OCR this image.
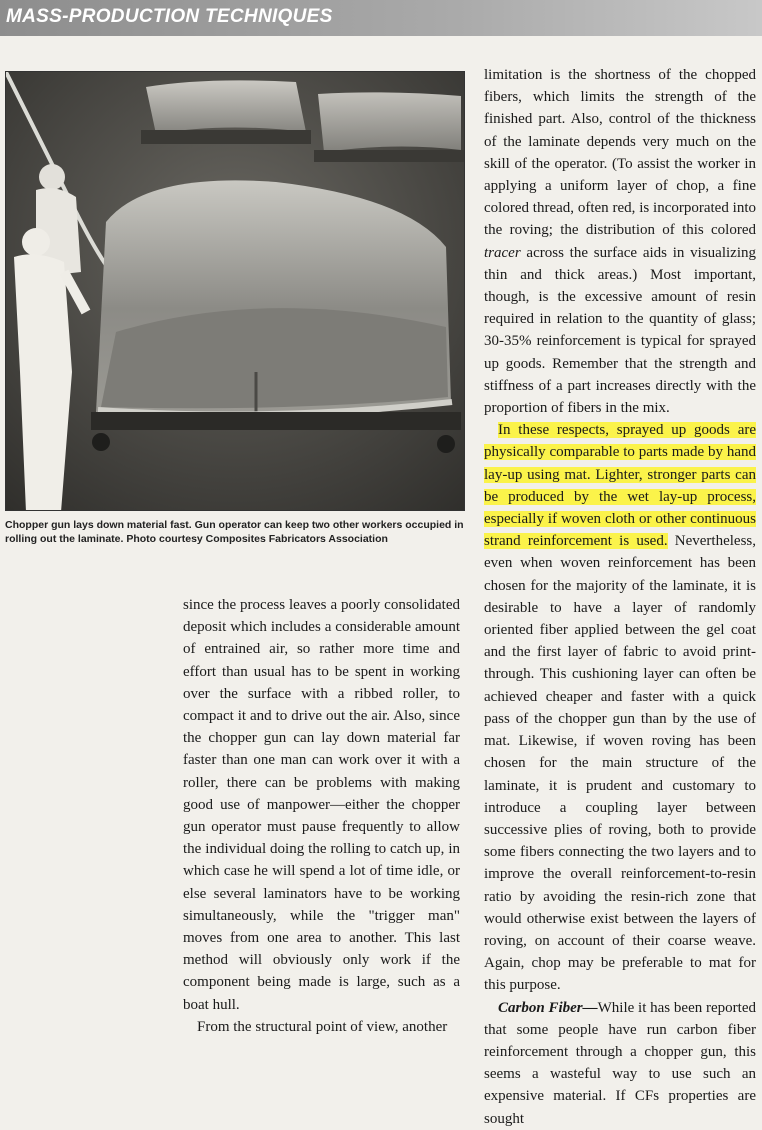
MASS-PRODUCTION TECHNIQUES
Chopper gun lays down material fast. Gun operator can keep two other workers occupied in rolling out the laminate. Photo courtesy Composites Fabricators Association

since the process leaves a poorly consolidated deposit which includes a considerable amount of entrained air, so rather more time and effort than usual has to be spent in working over the surface with a ribbed roller, to compact it and to drive out the air. Also, since the chopper gun can lay down material far faster than one man can work over it with a roller, there can be problems with making good use of manpower—either the chopper gun operator must pause frequently to allow the individual doing the rolling to catch up, in which case he will spend a lot of time idle, or else several laminators have to be working simultaneously, while the "trigger man" moves from one area to another. This last method will obviously only work if the component being made is large, such as a boat hull.

From the structural point of view, another

limitation is the shortness of the chopped fibers, which limits the strength of the finished part. Also, control of the thickness of the laminate depends very much on the skill of the operator. (To assist the worker in applying a uniform layer of chop, a fine colored thread, often red, is incorporated into the roving; the distribution of this colored tracer across the surface aids in visualizing thin and thick areas.) Most important, though, is the excessive amount of resin required in relation to the quantity of glass; 30-35% reinforcement is typical for sprayed up goods. Remember that the strength and stiffness of a part increases directly with the proportion of fibers in the mix.

In these respects, sprayed up goods are physically comparable to parts made by hand lay-up using mat. Lighter, stronger parts can be produced by the wet lay-up process, especially if woven cloth or other continuous strand reinforcement is used. Nevertheless, even when woven reinforcement has been chosen for the majority of the laminate, it is desirable to have a layer of randomly oriented fiber applied between the gel coat and the first layer of fabric to avoid print-through. This cushioning layer can often be achieved cheaper and faster with a quick pass of the chopper gun than by the use of mat. Likewise, if woven roving has been chosen for the main structure of the laminate, it is prudent and customary to introduce a coupling layer between successive plies of roving, both to provide some fibers connecting the two layers and to improve the overall reinforcement-to-resin ratio by avoiding the resin-rich zone that would otherwise exist between the layers of roving, on account of their coarse weave. Again, chop may be preferable to mat for this purpose.

Carbon Fiber—While it has been reported that some people have run carbon fiber reinforcement through a chopper gun, this seems a wasteful way to use such an expensive material. If CFs properties are sought
